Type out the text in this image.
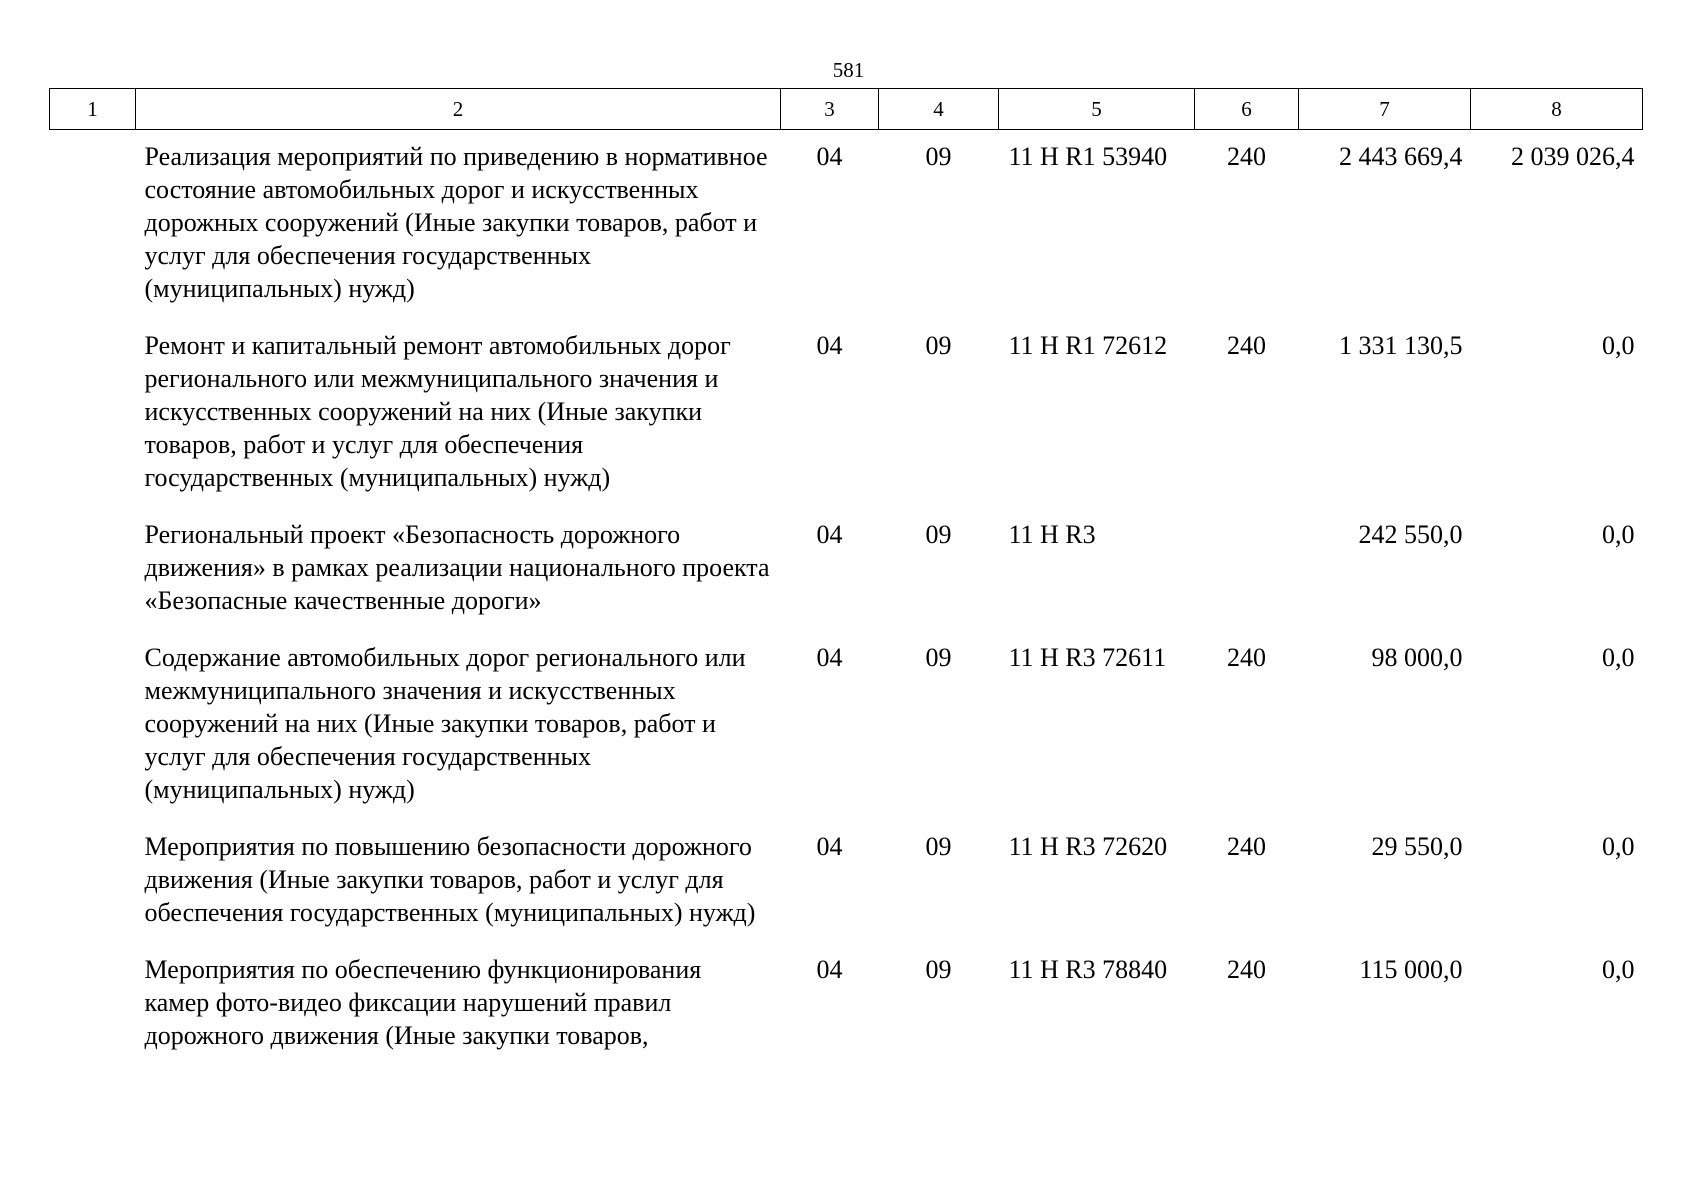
581
1	2	3	4	5	6	7	8
	Реализация мероприятий по приведению в нормативное состояние автомобильных дорог и искусственных дорожных сооружений (Иные закупки товаров, работ и услуг для обеспечения государственных (муниципальных) нужд)	04	09	11 Н R1 53940	240	2 443 669,4	2 039 026,4
	Ремонт и капитальный ремонт автомобильных дорог регионального или межмуниципального значения и искусственных сооружений на них (Иные закупки товаров, работ и услуг для обеспечения государственных (муниципальных) нужд)	04	09	11 Н R1 72612	240	1 331 130,5	0,0
	Региональный проект «Безопасность дорожного движения» в рамках реализации национального проекта «Безопасные качественные дороги»	04	09	11 Н R3		242 550,0	0,0
	Содержание автомобильных дорог регионального или межмуниципального значения и искусственных сооружений на них (Иные закупки товаров, работ и услуг для обеспечения государственных (муниципальных) нужд)	04	09	11 Н R3 72611	240	98 000,0	0,0
	Мероприятия по повышению безопасности дорожного движения (Иные закупки товаров, работ и услуг для обеспечения государственных (муниципальных) нужд)	04	09	11 Н R3 72620	240	29 550,0	0,0
	Мероприятия по обеспечению функционирования камер фото-видео фиксации нарушений правил дорожного движения (Иные закупки товаров,	04	09	11 Н R3 78840	240	115 000,0	0,0
